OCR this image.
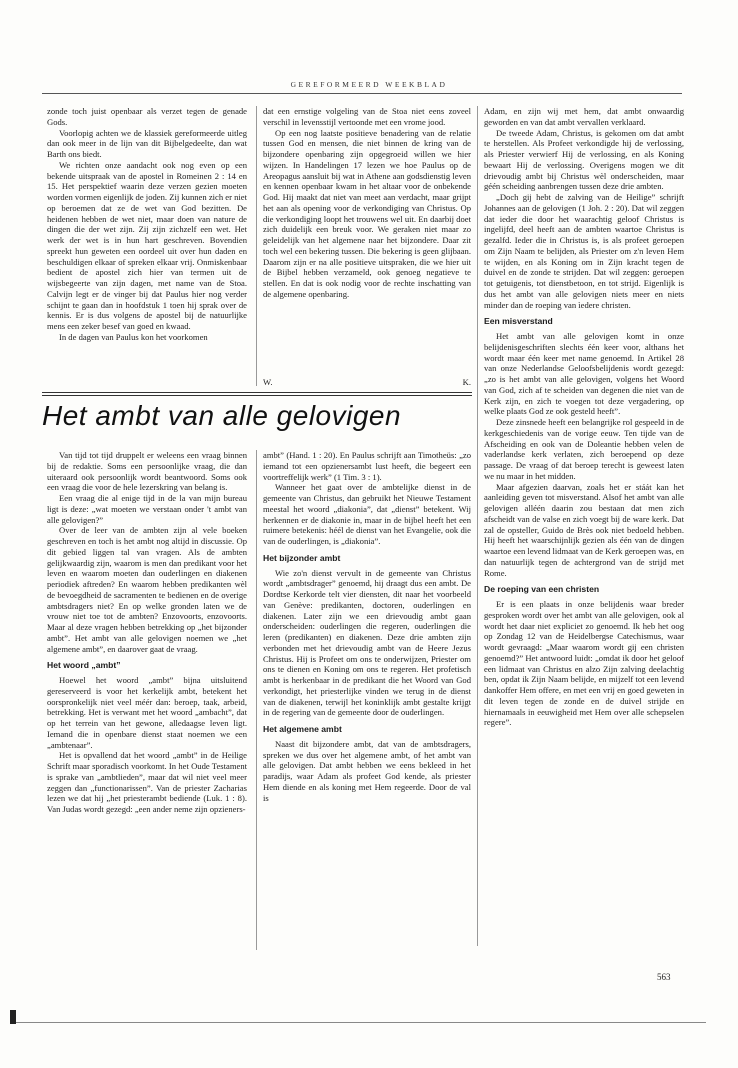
GEREFORMEERD WEEKBLAD

zonde toch juist openbaar als verzet tegen de genade Gods.

Voorlopig achten we de klassiek gereformeerde uitleg dan ook meer in de lijn van dit Bijbelgedeelte, dan wat Barth ons biedt.

We richten onze aandacht ook nog even op een bekende uitspraak van de apostel in Romeinen 2 : 14 en 15. Het perspektief waarin deze verzen gezien moeten worden vormen eigenlijk de joden. Zij kunnen zich er niet op beroemen dat ze de wet van God bezitten. De heidenen hebben de wet niet, maar doen van nature de dingen die der wet zijn. Zij zijn zichzelf een wet. Het werk der wet is in hun hart geschreven. Bovendien spreekt hun geweten een oordeel uit over hun daden en beschuldigen elkaar of spreken elkaar vrij. Onmiskenbaar bedient de apostel zich hier van termen uit de wijsbegeerte van zijn dagen, met name van de Stoa. Calvijn legt er de vinger bij dat Paulus hier nog verder schijnt te gaan dan in hoofdstuk 1 toen hij sprak over de kennis. Er is dus volgens de apostel bij de natuurlijke mens een zeker besef van goed en kwaad.

In de dagen van Paulus kon het voorkomen

dat een ernstige volgeling van de Stoa niet eens zoveel verschil in levensstijl vertoonde met een vrome jood.

Op een nog laatste positieve benadering van de relatie tussen God en mensen, die niet binnen de kring van de bijzondere openbaring zijn opgegroeid willen we hier wijzen. In Handelingen 17 lezen we hoe Paulus op de Areopagus aansluit bij wat in Athene aan godsdienstig leven en kennen openbaar kwam in het altaar voor de onbekende God. Hij maakt dat niet van meet aan verdacht, maar grijpt het aan als opening voor de verkondiging van Christus. Op die verkondiging loopt het trouwens wel uit. En daarbij doet zich duidelijk een breuk voor. We geraken niet maar zo geleidelijk van het algemene naar het bijzondere. Daar zit toch wel een bekering tussen. Die bekering is geen glijbaan. Daarom zijn er na alle positieve uitspraken, die we hier uit de Bijbel hebben verzameld, ook genoeg negatieve te stellen. En dat is ook nodig voor de rechte inschatting van de algemene openbaring.

W.	K.
Het ambt van alle gelovigen

Van tijd tot tijd druppelt er weleens een vraag binnen bij de redaktie. Soms een persoonlijke vraag, die dan uiteraard ook persoonlijk wordt beantwoord. Soms ook een vraag die voor de hele lezerskring van belang is.

Een vraag die al enige tijd in de la van mijn bureau ligt is deze: „wat moeten we verstaan onder 't ambt van alle gelovigen?”

Over de leer van de ambten zijn al vele boeken geschreven en toch is het ambt nog altijd in discussie. Op dit gebied liggen tal van vragen. Als de ambten gelijkwaardig zijn, waarom is men dan predikant voor het leven en waarom moeten dan ouderlingen en diakenen periodiek aftreden? En waarom hebben predikanten wèl de bevoegdheid de sacramenten te bedienen en de overige ambtsdragers niet? En op welke gronden laten we de vrouw niet toe tot de ambten? Enzovoorts, enzovoorts. Maar al deze vragen hebben betrekking op „het bijzonder ambt”. Het ambt van alle gelovigen noemen we „het algemene ambt”, en daarover gaat de vraag.

Het woord „ambt”

Hoewel het woord „ambt” bijna uitsluitend gereserveerd is voor het kerkelijk ambt, betekent het oorspronkelijk niet veel méér dan: beroep, taak, arbeid, betrekking. Het is verwant met het woord „ambacht”, dat op het terrein van het gewone, alledaagse leven ligt. Iemand die in openbare dienst staat noemen we een „ambtenaar”.

Het is opvallend dat het woord „ambt” in de Heilige Schrift maar sporadisch voorkomt. In het Oude Testament is sprake van „ambtlieden”, maar dat wil niet veel meer zeggen dan „functionarissen”. Van de priester Zacharias lezen we dat hij „het priesterambt bediende (Luk. 1 : 8). Van Judas wordt gezegd: „een ander neme zijn opzieners-

ambt” (Hand. 1 : 20). En Paulus schrijft aan Timotheüs: „zo iemand tot een opzienersambt lust heeft, die begeert een voortreffelijk werk” (1 Tim. 3 : 1).

Wanneer het gaat over de ambtelijke dienst in de gemeente van Christus, dan gebruikt het Nieuwe Testament meestal het woord „diakonia”, dat „dienst” betekent. Wij herkennen er de diakonie in, maar in de bijbel heeft het een ruimere betekenis: héél de dienst van het Evangelie, ook die van de ouderlingen, is „diakonia”.

Het bijzonder ambt

Wie zo'n dienst vervult in de gemeente van Christus wordt „ambtsdrager” genoemd, hij draagt dus een ambt. De Dordtse Kerkorde telt vier diensten, dit naar het voorbeeld van Genève: predikanten, doctoren, ouderlingen en diakenen. Later zijn we een drievoudig ambt gaan onderscheiden: ouderlingen die regeren, ouderlingen die leren (predikanten) en diakenen. Deze drie ambten zijn verbonden met het drievoudig ambt van de Heere Jezus Christus. Hij is Profeet om ons te onderwijzen, Priester om ons te dienen en Koning om ons te regeren. Het profetisch ambt is herkenbaar in de predikant die het Woord van God verkondigt, het priesterlijke vinden we terug in de dienst van de diakenen, terwijl het koninklijk ambt gestalte krijgt in de regering van de gemeente door de ouderlingen.

Het algemene ambt

Naast dit bijzondere ambt, dat van de ambtsdragers, spreken we dus over het algemene ambt, of het ambt van alle gelovigen. Dat ambt hebben we eens bekleed in het paradijs, waar Adam als profeet God kende, als priester Hem diende en als koning met Hem regeerde. Door de val is

Adam, en zijn wij met hem, dat ambt onwaardig geworden en van dat ambt vervallen verklaard.

De tweede Adam, Christus, is gekomen om dat ambt te herstellen. Als Profeet verkondigde hij de verlossing, als Priester verwierf Hij de verlossing, en als Koning bewaart Hij de verlossing. Overigens mogen we dit drievoudig ambt bij Christus wèl onderscheiden, maar géén scheiding aanbrengen tussen deze drie ambten.

„Doch gij hebt de zalving van de Heilige” schrijft Johannes aan de gelovigen (1 Joh. 2 : 20). Dat wil zeggen dat ieder die door het waarachtig geloof Christus is ingelijfd, deel heeft aan de ambten waartoe Christus is gezalfd. Ieder die in Christus is, is als profeet geroepen om Zijn Naam te belijden, als Priester om z'n leven Hem te wijden, en als Koning om in Zijn kracht tegen de duivel en de zonde te strijden. Dat wil zeggen: geroepen tot getuigenis, tot dienstbetoon, en tot strijd. Eigenlijk is dus het ambt van alle gelovigen niets meer en niets minder dan de roeping van ìedere christen.

Een misverstand

Het ambt van alle gelovigen komt in onze belijdenisgeschriften slechts één keer voor, althans het wordt maar één keer met name genoemd. In Artikel 28 van onze Nederlandse Geloofsbelijdenis wordt gezegd: „zo is het ambt van alle gelovigen, volgens het Woord van God, zich af te scheiden van degenen die niet van de Kerk zijn, en zich te voegen tot deze vergadering, op welke plaats God ze ook gesteld heeft”.

Deze zinsnede heeft een belangrijke rol gespeeld in de kerkgeschiedenis van de vorige eeuw. Ten tijde van de Afscheiding en ook van de Doleantie hebben velen de vaderlandse kerk verlaten, zich beroepend op deze passage. De vraag of dat beroep terecht is geweest laten we nu maar in het midden.

Maar afgezien daarvan, zoals het er stáát kan het aanleiding geven tot misverstand. Alsof het ambt van alle gelovigen alléén daarin zou bestaan dat men zich afscheidt van de valse en zich voegt bij de ware kerk. Dat zal de opsteller, Guido de Brès ook niet bedoeld hebben. Hij heeft het waarschijnlijk gezien als één van de dingen waartoe een levend lidmaat van de Kerk geroepen was, en dan natuurlijk tegen de achtergrond van de strijd met Rome.

De roeping van een christen

Er is een plaats in onze belijdenis waar breder gesproken wordt over het ambt van alle gelovigen, ook al wordt het daar niet expliciet zo genoemd. Ik heb het oog op Zondag 12 van de Heidelbergse Catechismus, waar wordt gevraagd: „Maar waarom wordt gij een christen genoemd?” Het antwoord luidt: „omdat ik door het geloof een lidmaat van Christus en alzo Zijn zalving deelachtig ben, opdat ik Zijn Naam belijde, en mijzelf tot een levend dankoffer Hem offere, en met een vrij en goed geweten in dit leven tegen de zonde en de duivel strijde en hiernamaals in eeuwigheid met Hem over alle schepselen regere”.

563
